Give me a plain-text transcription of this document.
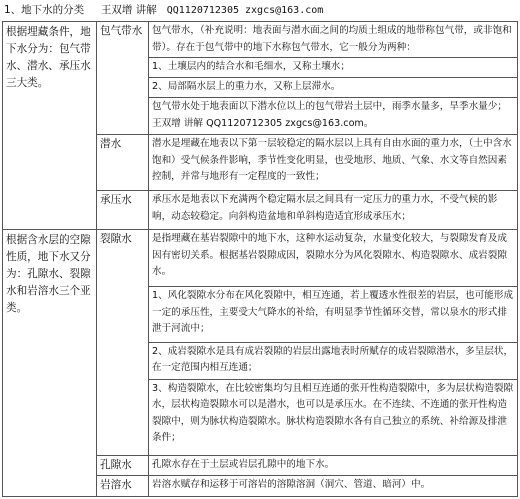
1、地下水的分类 王双增 讲解 QQ1120712305 zxgcs@163.com
根据埋藏条件，地下水分为：包气带水、潜水、承压水三大类。	包气带水	包气带水，（补充说明：地表面与潜水面之间的均质土组成的地带称包气带，或非饱和带）。存在于包气带中的地下水称包气带水，它一般分为两种：
		1、土壤层内的结合水和毛细水，又称土壤水；
		2、局部隔水层上的重力水，又称上层滞水。
		包气带水处于地表面以下潜水位以上的包气带岩土层中，雨季水量多，旱季水量少；王双增 讲解 QQ1120712305 zxgcs@163.com。
	潜水	潜水是埋藏在地表以下第一层较稳定的隔水层以上具有自由水面的重力水，（土中含水饱和）受气候条件影响，季节性变化明显，也受地形、地质、气象、水文等自然因素控制，并常与地形有一定程度的一致性；
	承压水	承压水是地表以下充满两个稳定隔水层之间具有一定压力的重力水，不受气候的影响，动态较稳定。向斜构造盆地和单斜构造适宜形成承压水；
根据含水层的空隙性质，地下水又分为：孔隙水、裂隙水和岩溶水三个亚类。	裂隙水	是指埋藏在基岩裂隙中的地下水，这种水运动复杂，水量变化较大，与裂隙发育及成因有密切关系。根据基岩裂隙成因，裂隙水分为风化裂隙水、构造裂隙水、成岩裂隙水。
		1、风化裂隙水分布在风化裂隙中，相互连通，若上覆透水性很差的岩层，也可能形成一定的承压性，主要受大气降水的补给，有明显季节性循环交替，常以泉水的形式排泄于河流中；
		2、成岩裂隙水是具有成岩裂隙的岩层出露地表时所赋存的成岩裂隙潜水，多呈层状，在一定范围内相互连通；
		3、构造裂隙水，在比较密集均匀且相互连通的张开性构造裂隙中，多为层状构造裂隙水，层状构造裂隙水可以是潜水，也可以是承压水。在不连续、不连通的张开性构造裂隙中，则为脉状构造裂隙水。脉状构造裂隙水各有自己独立的系统、补给源及排泄条件；
	孔隙水	孔隙水存在于土层或岩层孔隙中的地下水。
	岩溶水	岩溶水赋存和运移于可溶岩的溶隙溶洞（洞穴、管道、暗河）中。
